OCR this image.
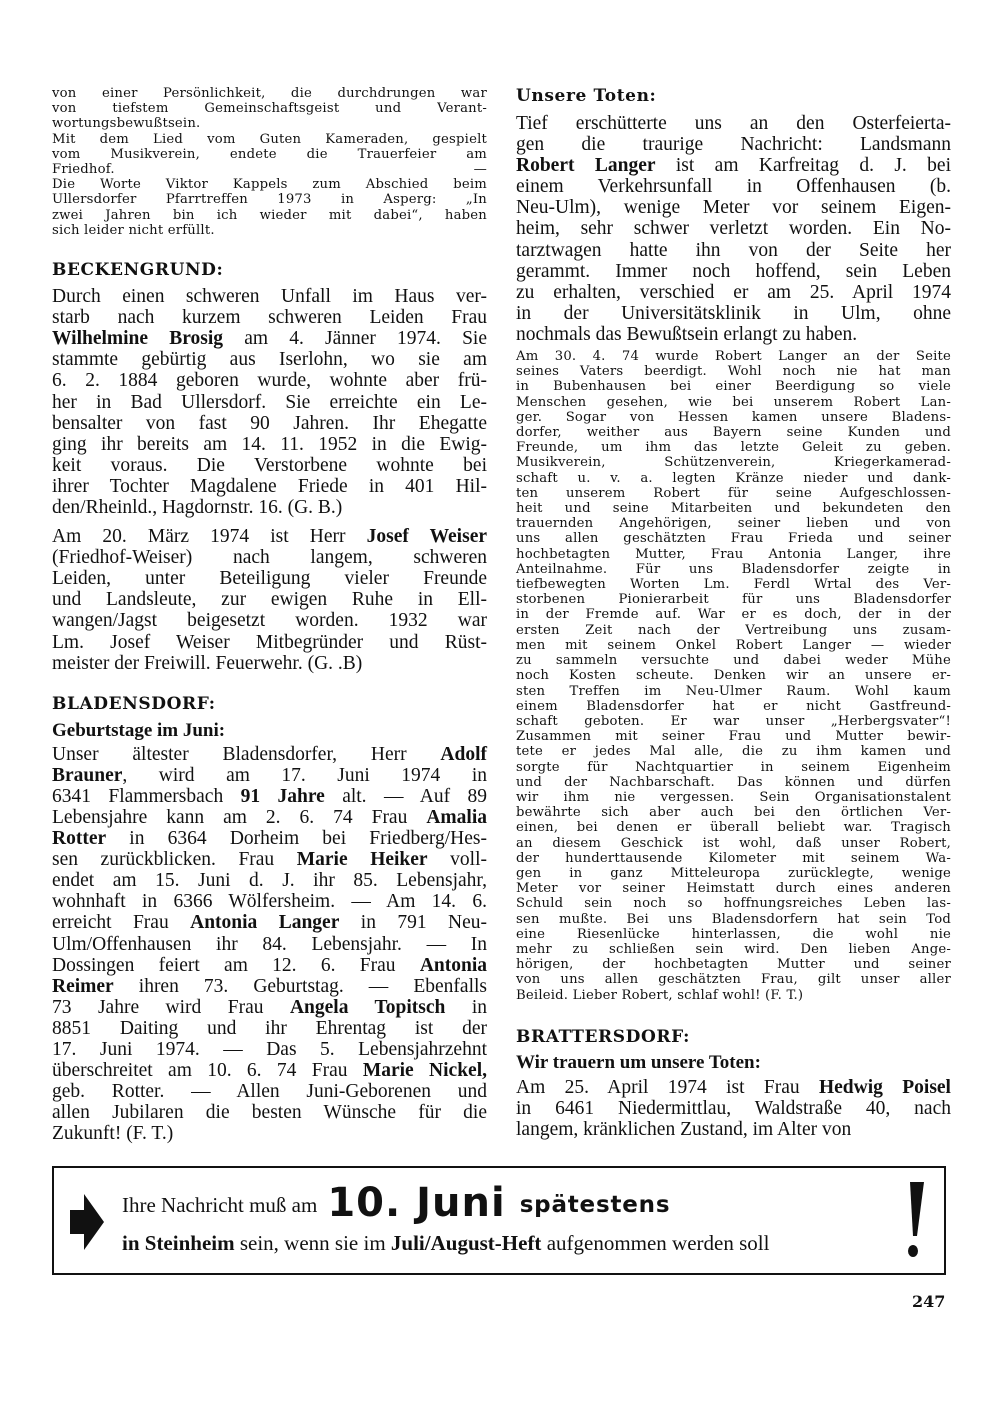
von einer Persönlichkeit, die durchdrungen war
von tiefstem Gemeinschaftsgeist und Verant-
wortungsbewußtsein.
Mit dem Lied vom Guten Kameraden, gespielt
vom Musikverein, endete die Trauerfeier am
Friedhof. —
Die Worte Viktor Kappels zum Abschied beim
Ullersdorfer Pfarrtreffen 1973 in Asperg: „In
zwei Jahren bin ich wieder mit dabei“, haben
sich leider nicht erfüllt.
BECKENGRUND:
Durch einen schweren Unfall im Haus ver-
starb nach kurzem schweren Leiden Frau
Wilhelmine Brosig am 4. Jänner 1974. Sie
stammte gebürtig aus Iserlohn, wo sie am
6. 2. 1884 geboren wurde, wohnte aber frü-
her in Bad Ullersdorf. Sie erreichte ein Le-
bensalter von fast 90 Jahren. Ihr Ehegatte
ging ihr bereits am 14. 11. 1952 in die Ewig-
keit voraus. Die Verstorbene wohnte bei
ihrer Tochter Magdalene Friede in 401 Hil-
den/Rheinld., Hagdornstr. 16. (G. B.)
Am 20. März 1974 ist Herr Josef Weiser
(Friedhof-Weiser) nach langem, schweren
Leiden, unter Beteiligung vieler Freunde
und Landsleute, zur ewigen Ruhe in Ell-
wangen/Jagst beigesetzt worden. 1932 war
Lm. Josef Weiser Mitbegründer und Rüst-
meister der Freiwill. Feuerwehr. (G. .B)
BLADENSDORF:
Geburtstage im Juni:
Unser ältester Bladensdorfer, Herr Adolf
Brauner, wird am 17. Juni 1974 in
6341 Flammersbach 91 Jahre alt. — Auf 89
Lebensjahre kann am 2. 6. 74 Frau Amalia
Rotter in 6364 Dorheim bei Friedberg/Hes-
sen zurückblicken. Frau Marie Heiker voll-
endet am 15. Juni d. J. ihr 85. Lebensjahr,
wohnhaft in 6366 Wölfersheim. — Am 14. 6.
erreicht Frau Antonia Langer in 791 Neu-
Ulm/Offenhausen ihr 84. Lebensjahr. — In
Dossingen feiert am 12. 6. Frau Antonia
Reimer ihren 73. Geburtstag. — Ebenfalls
73 Jahre wird Frau Angela Topitsch in
8851 Daiting und ihr Ehrentag ist der
17. Juni 1974. — Das 5. Lebensjahrzehnt
überschreitet am 10. 6. 74 Frau Marie Nickel,
geb. Rotter. — Allen Juni-Geborenen und
allen Jubilaren die besten Wünsche für die
Zukunft! (F. T.)
Unsere Toten:
Tief erschütterte uns an den Osterfeierta-
gen die traurige Nachricht: Landsmann
Robert Langer ist am Karfreitag d. J. bei
einem Verkehrsunfall in Offenhausen (b.
Neu-Ulm), wenige Meter vor seinem Eigen-
heim, sehr schwer verletzt worden. Ein No-
tarztwagen hatte ihn von der Seite her
gerammt. Immer noch hoffend, sein Leben
zu erhalten, verschied er am 25. April 1974
in der Universitätsklinik in Ulm, ohne
nochmals das Bewußtsein erlangt zu haben.
Am 30. 4. 74 wurde Robert Langer an der Seite
seines Vaters beerdigt. Wohl noch nie hat man
in Bubenhausen bei einer Beerdigung so viele
Menschen gesehen, wie bei unserem Robert Lan-
ger. Sogar von Hessen kamen unsere Bladens-
dorfer, weither aus Bayern seine Kunden und
Freunde, um ihm das letzte Geleit zu geben.
Musikverein, Schützenverein, Kriegerkamerad-
schaft u. v. a. legten Kränze nieder und dank-
ten unserem Robert für seine Aufgeschlossen-
heit und seine Mitarbeiten und bekundeten den
trauernden Angehörigen, seiner lieben und von
uns allen geschätzten Frau Frieda und seiner
hochbetagten Mutter, Frau Antonia Langer, ihre
Anteilnahme. Für uns Bladensdorfer zeigte in
tiefbewegten Worten Lm. Ferdl Wrtal des Ver-
storbenen Pionierarbeit für uns Bladensdorfer
in der Fremde auf. War er es doch, der in der
ersten Zeit nach der Vertreibung uns zusam-
men mit seinem Onkel Robert Langer — wieder
zu sammeln versuchte und dabei weder Mühe
noch Kosten scheute. Denken wir an unsere er-
sten Treffen im Neu-Ulmer Raum. Wohl kaum
einem Bladensdorfer hat er nicht Gastfreund-
schaft geboten. Er war unser „Herbergsvater“!
Zusammen mit seiner Frau und Mutter bewir-
tete er jedes Mal alle, die zu ihm kamen und
sorgte für Nachtquartier in seinem Eigenheim
und der Nachbarschaft. Das können und dürfen
wir ihm nie vergessen. Sein Organisationstalent
bewährte sich aber auch bei den örtlichen Ver-
einen, bei denen er überall beliebt war. Tragisch
an diesem Geschick ist wohl, daß unser Robert,
der hunderttausende Kilometer mit seinem Wa-
gen in ganz Mitteleuropa zurücklegte, wenige
Meter vor seiner Heimstatt durch eines anderen
Schuld sein noch so hoffnungsreiches Leben las-
sen mußte. Bei uns Bladensdorfern hat sein Tod
eine Riesenlücke hinterlassen, die wohl nie
mehr zu schließen sein wird. Den lieben Ange-
hörigen, der hochbetagten Mutter und seiner
von uns allen geschätzten Frau, gilt unser aller
Beileid. Lieber Robert, schlaf wohl! (F. T.)
BRATTERSDORF:
Wir trauern um unsere Toten:
Am 25. April 1974 ist Frau Hedwig Poisel
in 6461 Niedermittlau, Waldstraße 40, nach
langem, kränklichen Zustand, im Alter von
Ihre Nachricht muß am 10. Juni spätestens
in Steinheim sein, wenn sie im Juli/August-Heft aufgenommen werden soll
!
247
